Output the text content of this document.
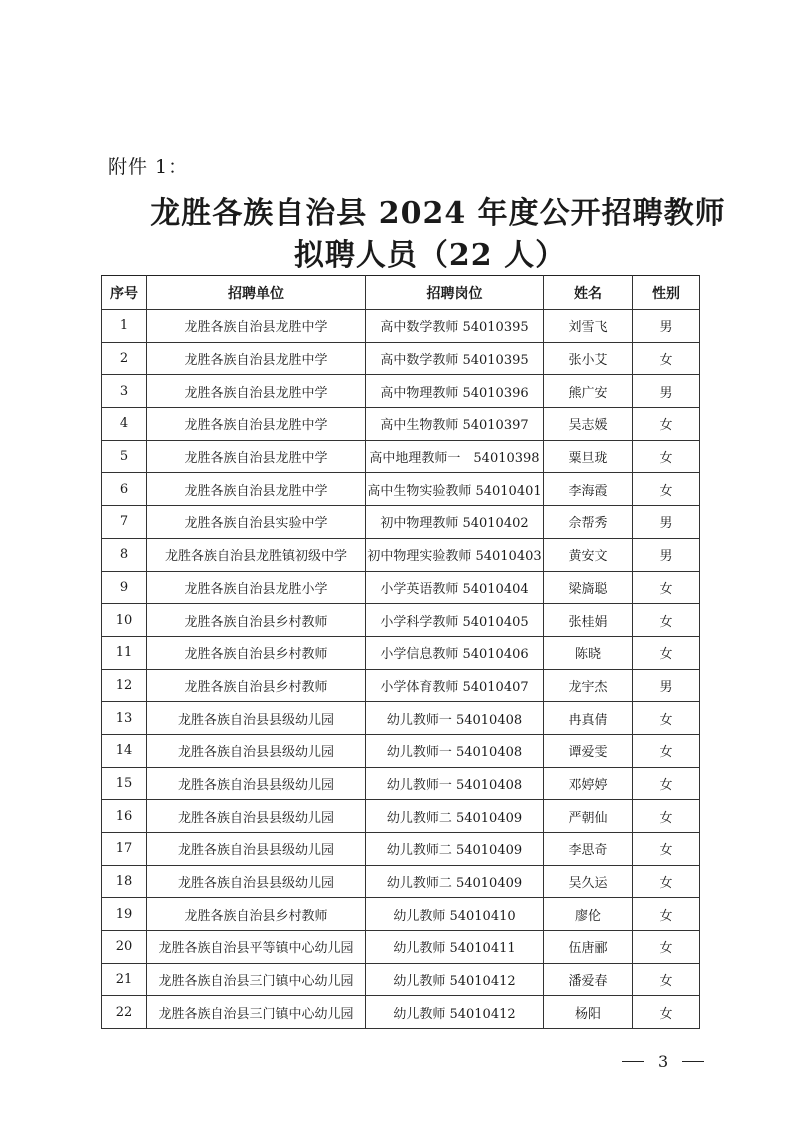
附件 1：
龙胜各族自治县 2024 年度公开招聘教师
拟聘人员（22 人）
序号	招聘单位	招聘岗位	姓名	性别
1	龙胜各族自治县龙胜中学	高中数学教师 54010395	刘雪飞	男
2	龙胜各族自治县龙胜中学	高中数学教师 54010395	张小艾	女
3	龙胜各族自治县龙胜中学	高中物理教师 54010396	熊广安	男
4	龙胜各族自治县龙胜中学	高中生物教师 54010397	吴志媛	女
5	龙胜各族自治县龙胜中学	高中地理教师一　54010398	粟旦珑	女
6	龙胜各族自治县龙胜中学	高中生物实验教师 54010401	李海霞	女
7	龙胜各族自治县实验中学	初中物理教师 54010402	佘帮秀	男
8	龙胜各族自治县龙胜镇初级中学	初中物理实验教师 54010403	黄安文	男
9	龙胜各族自治县龙胜小学	小学英语教师 54010404	梁旖聪	女
10	龙胜各族自治县乡村教师	小学科学教师 54010405	张桂娟	女
11	龙胜各族自治县乡村教师	小学信息教师 54010406	陈晓	女
12	龙胜各族自治县乡村教师	小学体育教师 54010407	龙宇杰	男
13	龙胜各族自治县县级幼儿园	幼儿教师一 54010408	冉真倩	女
14	龙胜各族自治县县级幼儿园	幼儿教师一 54010408	谭爱雯	女
15	龙胜各族自治县县级幼儿园	幼儿教师一 54010408	邓婷婷	女
16	龙胜各族自治县县级幼儿园	幼儿教师二 54010409	严朝仙	女
17	龙胜各族自治县县级幼儿园	幼儿教师二 54010409	李思奇	女
18	龙胜各族自治县县级幼儿园	幼儿教师二 54010409	吴久运	女
19	龙胜各族自治县乡村教师	幼儿教师 54010410	廖伦	女
20	龙胜各族自治县平等镇中心幼儿园	幼儿教师 54010411	伍唐郦	女
21	龙胜各族自治县三门镇中心幼儿园	幼儿教师 54010412	潘爱春	女
22	龙胜各族自治县三门镇中心幼儿园	幼儿教师 54010412	杨阳	女
3
